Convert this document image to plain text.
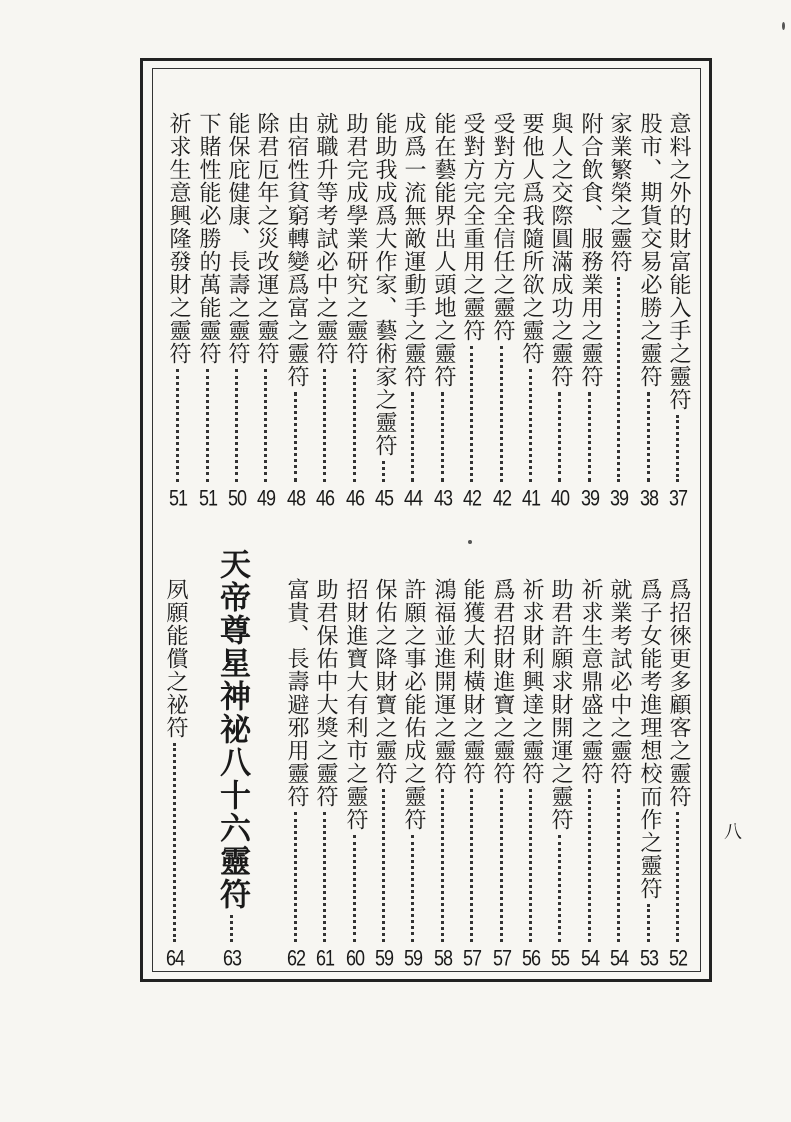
意料之外的財富能入手之靈符
37
股市、期貨交易必勝之靈符
38
家業繁榮之靈符
39
附合飲食、服務業用之靈符
39
與人之交際圓滿成功之靈符
40
要他人爲我隨所欲之靈符
41
受對方完全信任之靈符
42
受對方完全重用之靈符
42
能在藝能界出人頭地之靈符
43
成爲一流無敵運動手之靈符
44
能助我成爲大作家、藝術家之靈符
45
助君完成學業研究之靈符
46
就職升等考試必中之靈符
46
由宿性貧窮轉變爲富之靈符
48
除君厄年之災改運之靈符
49
能保庇健康、長壽之靈符
50
下賭性能必勝的萬能靈符
51
祈求生意興隆發財之靈符
51
爲招徠更多顧客之靈符
52
爲子女能考進理想校而作之靈符
53
就業考試必中之靈符
54
祈求生意鼎盛之靈符
54
助君許願求財開運之靈符
55
祈求財利興達之靈符
56
爲君招財進寶之靈符
57
能獲大利橫財之靈符
57
鴻福並進開運之靈符
58
許願之事必能佑成之靈符
59
保佑之降財寶之靈符
59
招財進寶大有利市之靈符
60
助君保佑中大獎之靈符
61
富貴、長壽避邪用靈符
62
天帝尊星神祕八十六靈符
63
夙願能償之祕符
64
八
